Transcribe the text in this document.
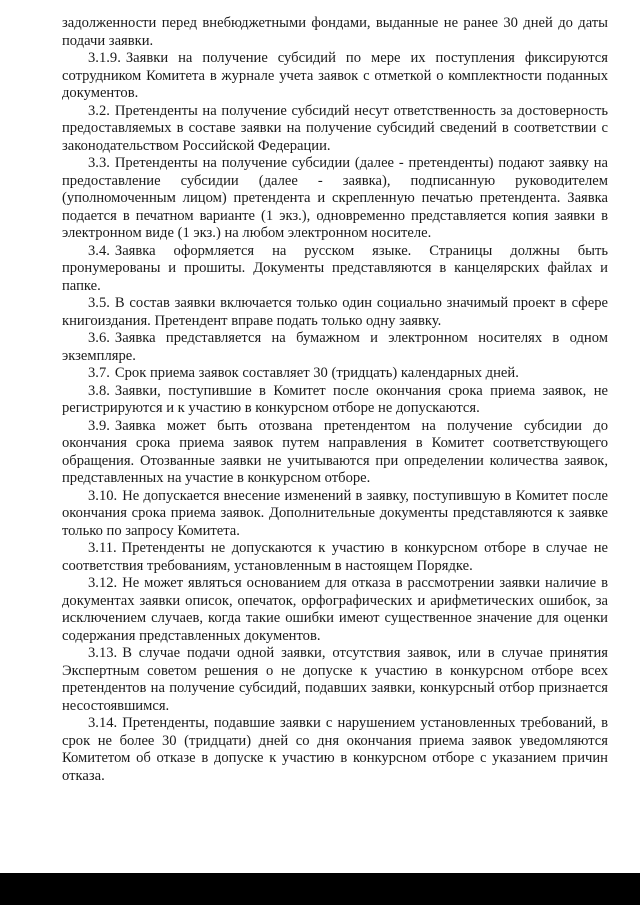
задолженности перед внебюджетными фондами, выданные не ранее 30 дней до даты подачи заявки.

3.1.9. Заявки на получение субсидий по мере их поступления фиксируются сотрудником Комитета в журнале учета заявок с отметкой о комплектности поданных документов.

3.2. Претенденты на получение субсидий несут ответственность за достоверность предоставляемых в составе заявки на получение субсидий сведений в соответствии с законодательством Российской Федерации.

3.3. Претенденты на получение субсидии (далее - претенденты) подают заявку на предоставление субсидии (далее - заявка), подписанную руководителем (уполномоченным лицом) претендента и скрепленную печатью претендента. Заявка подается в печатном варианте (1 экз.), одновременно представляется копия заявки в электронном виде (1 экз.) на любом электронном носителе.

3.4. Заявка оформляется на русском языке. Страницы должны быть пронумерованы и прошиты. Документы представляются в канцелярских файлах и папке.

3.5. В состав заявки включается только один социально значимый проект в сфере книгоиздания. Претендент вправе подать только одну заявку.

3.6. Заявка представляется на бумажном и электронном носителях в одном экземпляре.

3.7. Срок приема заявок составляет 30 (тридцать) календарных дней.

3.8. Заявки, поступившие в Комитет после окончания срока приема заявок, не регистрируются и к участию в конкурсном отборе не допускаются.

3.9. Заявка может быть отозвана претендентом на получение субсидии до окончания срока приема заявок путем направления в Комитет соответствующего обращения. Отозванные заявки не учитываются при определении количества заявок, представленных на участие в конкурсном отборе.

3.10. Не допускается внесение изменений в заявку, поступившую в Комитет после окончания срока приема заявок. Дополнительные документы представляются к заявке только по запросу Комитета.

3.11. Претенденты не допускаются к участию в конкурсном отборе в случае не соответствия требованиям, установленным в настоящем Порядке.

3.12. Не может являться основанием для отказа в рассмотрении заявки наличие в документах заявки описок, опечаток, орфографических и арифметических ошибок, за исключением случаев, когда такие ошибки имеют существенное значение для оценки содержания представленных документов.

3.13. В случае подачи одной заявки, отсутствия заявок, или в случае принятия Экспертным советом решения о не допуске к участию в конкурсном отборе всех претендентов на получение субсидий, подавших заявки, конкурсный отбор признается несостоявшимся.

3.14. Претенденты, подавшие заявки с нарушением установленных требований, в срок не более 30 (тридцати) дней со дня окончания приема заявок уведомляются Комитетом об отказе в допуске к участию в конкурсном отборе с указанием причин отказа.
